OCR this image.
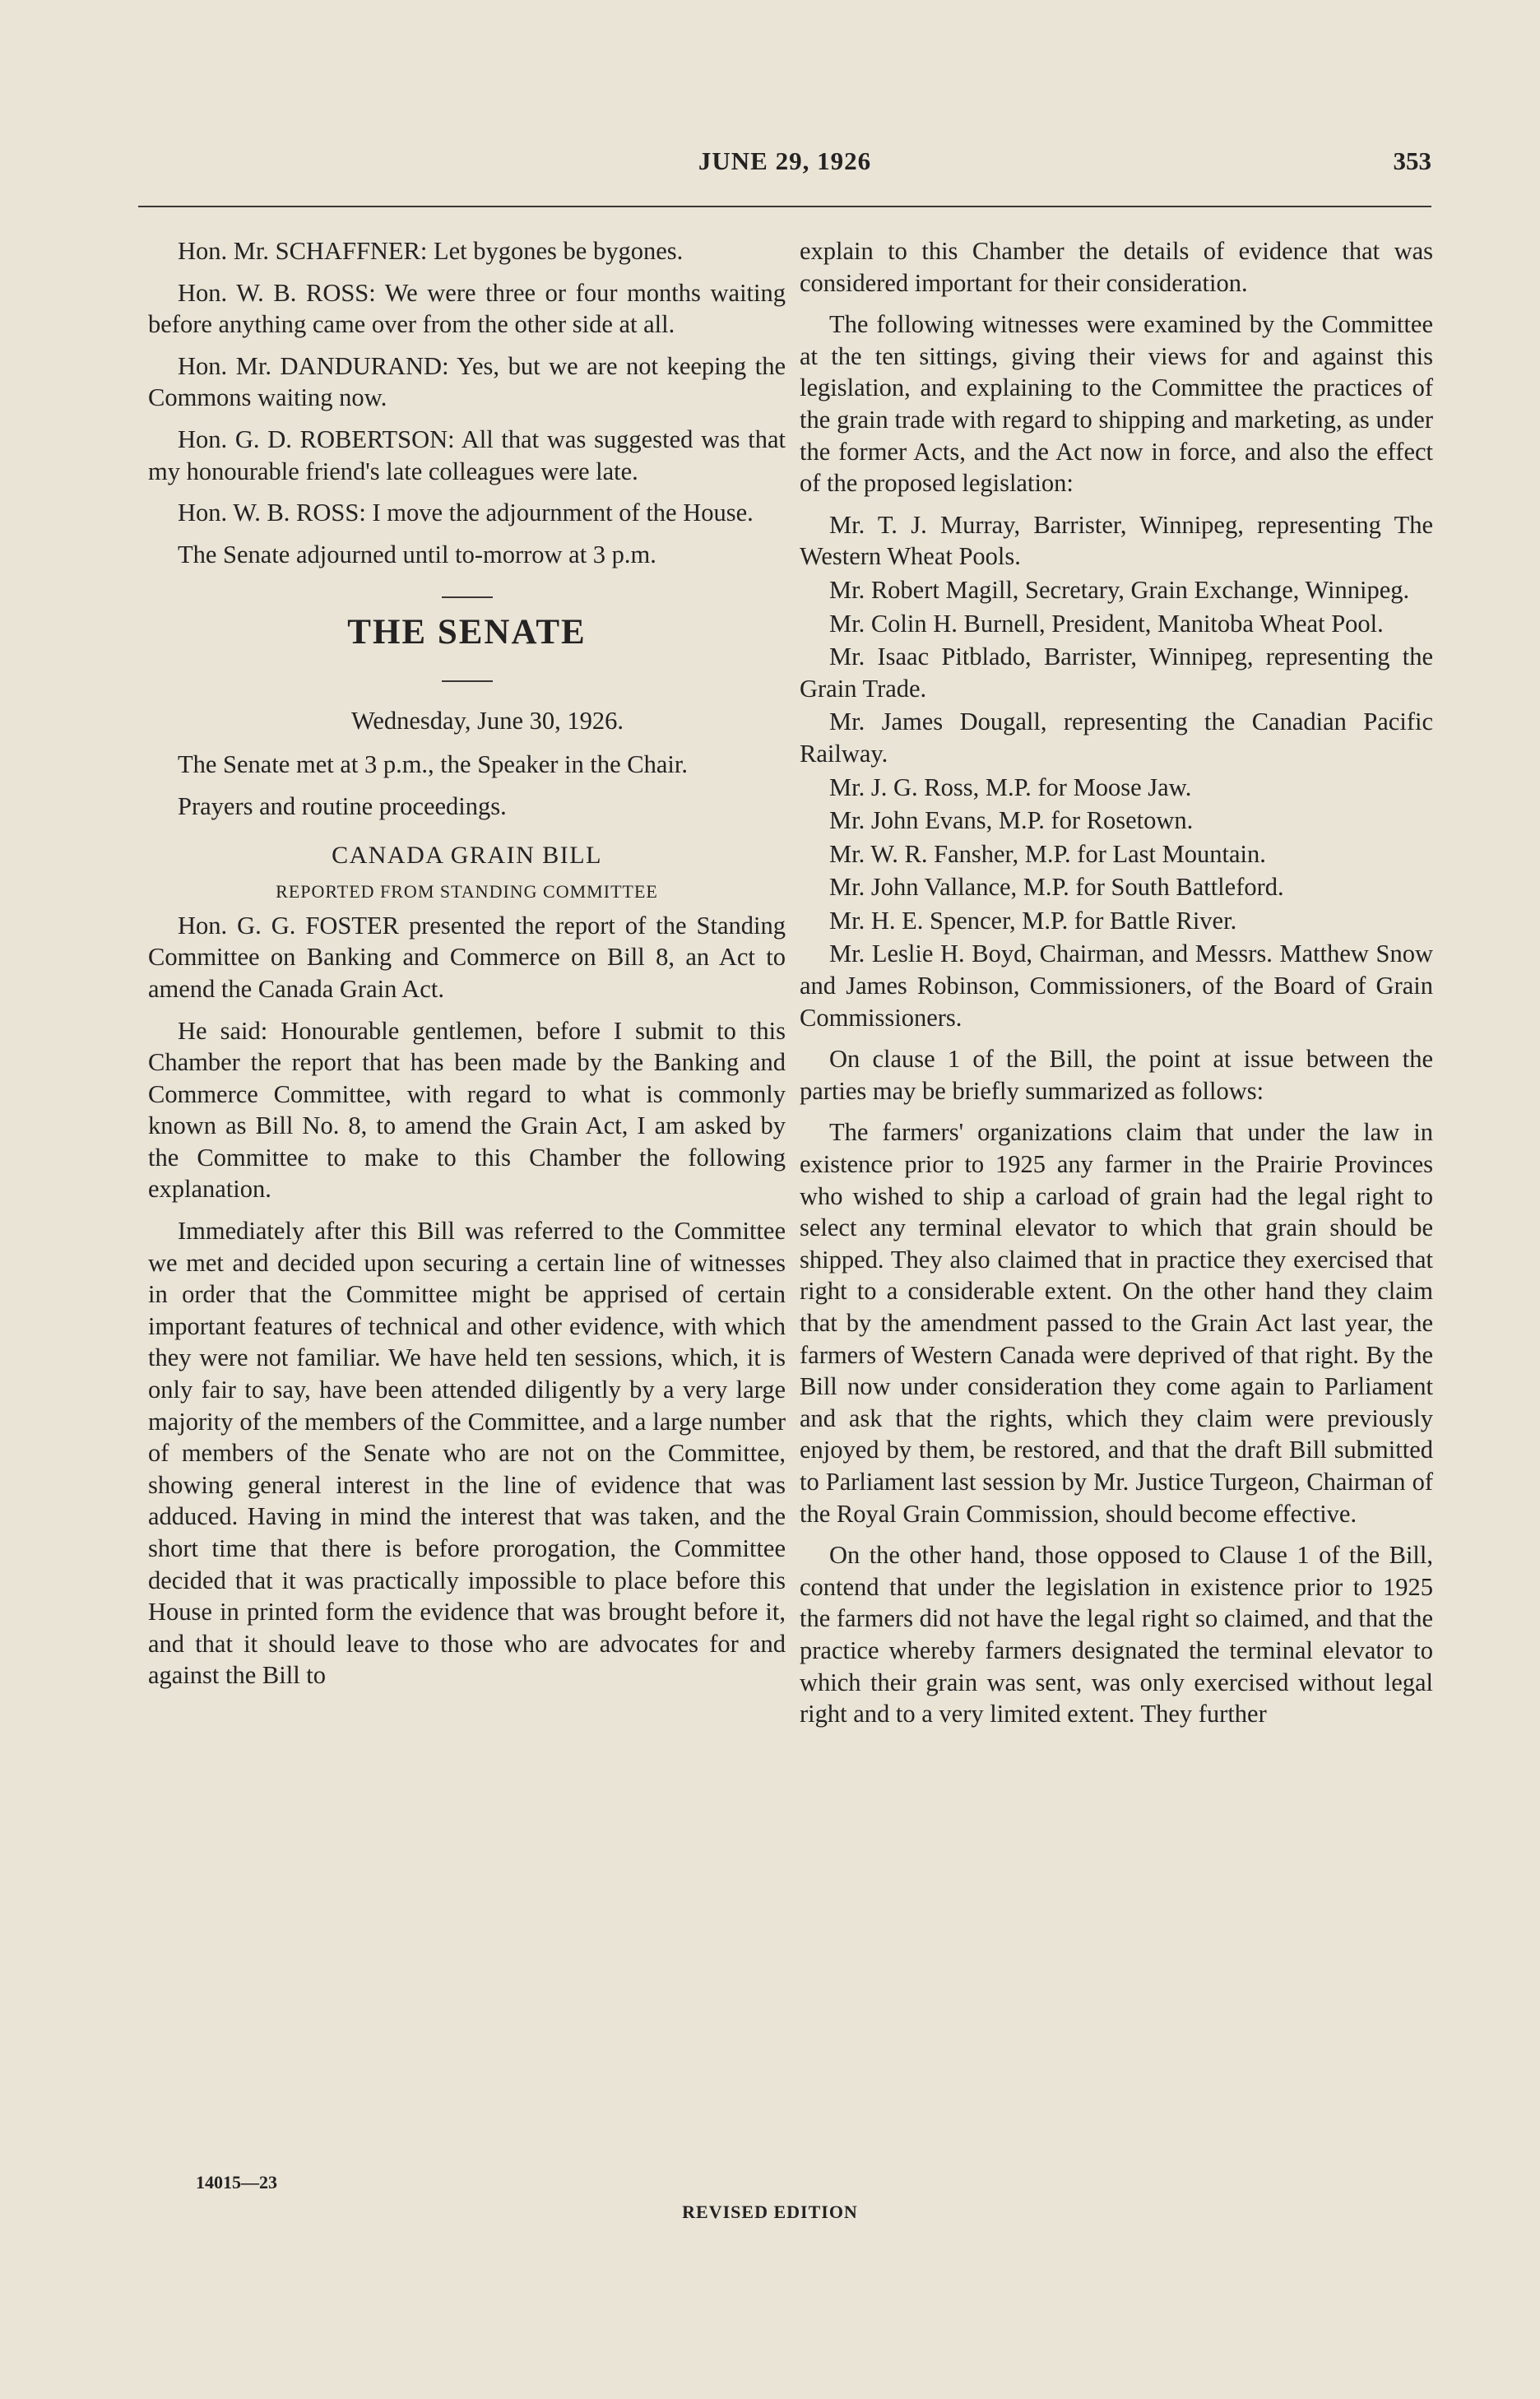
JUNE 29, 1926	353

Hon. Mr. SCHAFFNER: Let bygones be bygones.

Hon. W. B. ROSS: We were three or four months waiting before anything came over from the other side at all.

Hon. Mr. DANDURAND: Yes, but we are not keeping the Commons waiting now.

Hon. G. D. ROBERTSON: All that was suggested was that my honourable friend's late colleagues were late.

Hon. W. B. ROSS: I move the adjournment of the House.

The Senate adjourned until to-morrow at 3 p.m.

THE SENATE
Wednesday, June 30, 1926.

The Senate met at 3 p.m., the Speaker in the Chair.

Prayers and routine proceedings.

CANADA GRAIN BILL
REPORTED FROM STANDING COMMITTEE

Hon. G. G. FOSTER presented the report of the Standing Committee on Banking and Commerce on Bill 8, an Act to amend the Canada Grain Act.

He said: Honourable gentlemen, before I submit to this Chamber the report that has been made by the Banking and Commerce Committee, with regard to what is commonly known as Bill No. 8, to amend the Grain Act, I am asked by the Committee to make to this Chamber the following explanation.

Immediately after this Bill was referred to the Committee we met and decided upon securing a certain line of witnesses in order that the Committee might be apprised of certain important features of technical and other evidence, with which they were not familiar. We have held ten sessions, which, it is only fair to say, have been attended diligently by a very large majority of the members of the Committee, and a large number of members of the Senate who are not on the Committee, showing general interest in the line of evidence that was adduced. Having in mind the interest that was taken, and the short time that there is before prorogation, the Committee decided that it was practically impossible to place before this House in printed form the evidence that was brought before it, and that it should leave to those who are advocates for and against the Bill to

explain to this Chamber the details of evidence that was considered important for their consideration.

The following witnesses were examined by the Committee at the ten sittings, giving their views for and against this legislation, and explaining to the Committee the practices of the grain trade with regard to shipping and marketing, as under the former Acts, and the Act now in force, and also the effect of the proposed legislation:

Mr. T. J. Murray, Barrister, Winnipeg, representing The Western Wheat Pools.

Mr. Robert Magill, Secretary, Grain Exchange, Winnipeg.

Mr. Colin H. Burnell, President, Manitoba Wheat Pool.

Mr. Isaac Pitblado, Barrister, Winnipeg, representing the Grain Trade.

Mr. James Dougall, representing the Canadian Pacific Railway.

Mr. J. G. Ross, M.P. for Moose Jaw.

Mr. John Evans, M.P. for Rosetown.

Mr. W. R. Fansher, M.P. for Last Mountain.

Mr. John Vallance, M.P. for South Battleford.

Mr. H. E. Spencer, M.P. for Battle River.

Mr. Leslie H. Boyd, Chairman, and Messrs. Matthew Snow and James Robinson, Commissioners, of the Board of Grain Commissioners.

On clause 1 of the Bill, the point at issue between the parties may be briefly summarized as follows:

The farmers' organizations claim that under the law in existence prior to 1925 any farmer in the Prairie Provinces who wished to ship a carload of grain had the legal right to select any terminal elevator to which that grain should be shipped. They also claimed that in practice they exercised that right to a considerable extent. On the other hand they claim that by the amendment passed to the Grain Act last year, the farmers of Western Canada were deprived of that right. By the Bill now under consideration they come again to Parliament and ask that the rights, which they claim were previously enjoyed by them, be restored, and that the draft Bill submitted to Parliament last session by Mr. Justice Turgeon, Chairman of the Royal Grain Commission, should become effective.

On the other hand, those opposed to Clause 1 of the Bill, contend that under the legislation in existence prior to 1925 the farmers did not have the legal right so claimed, and that the practice whereby farmers designated the terminal elevator to which their grain was sent, was only exercised without legal right and to a very limited extent. They further

14015—23
REVISED EDITION
